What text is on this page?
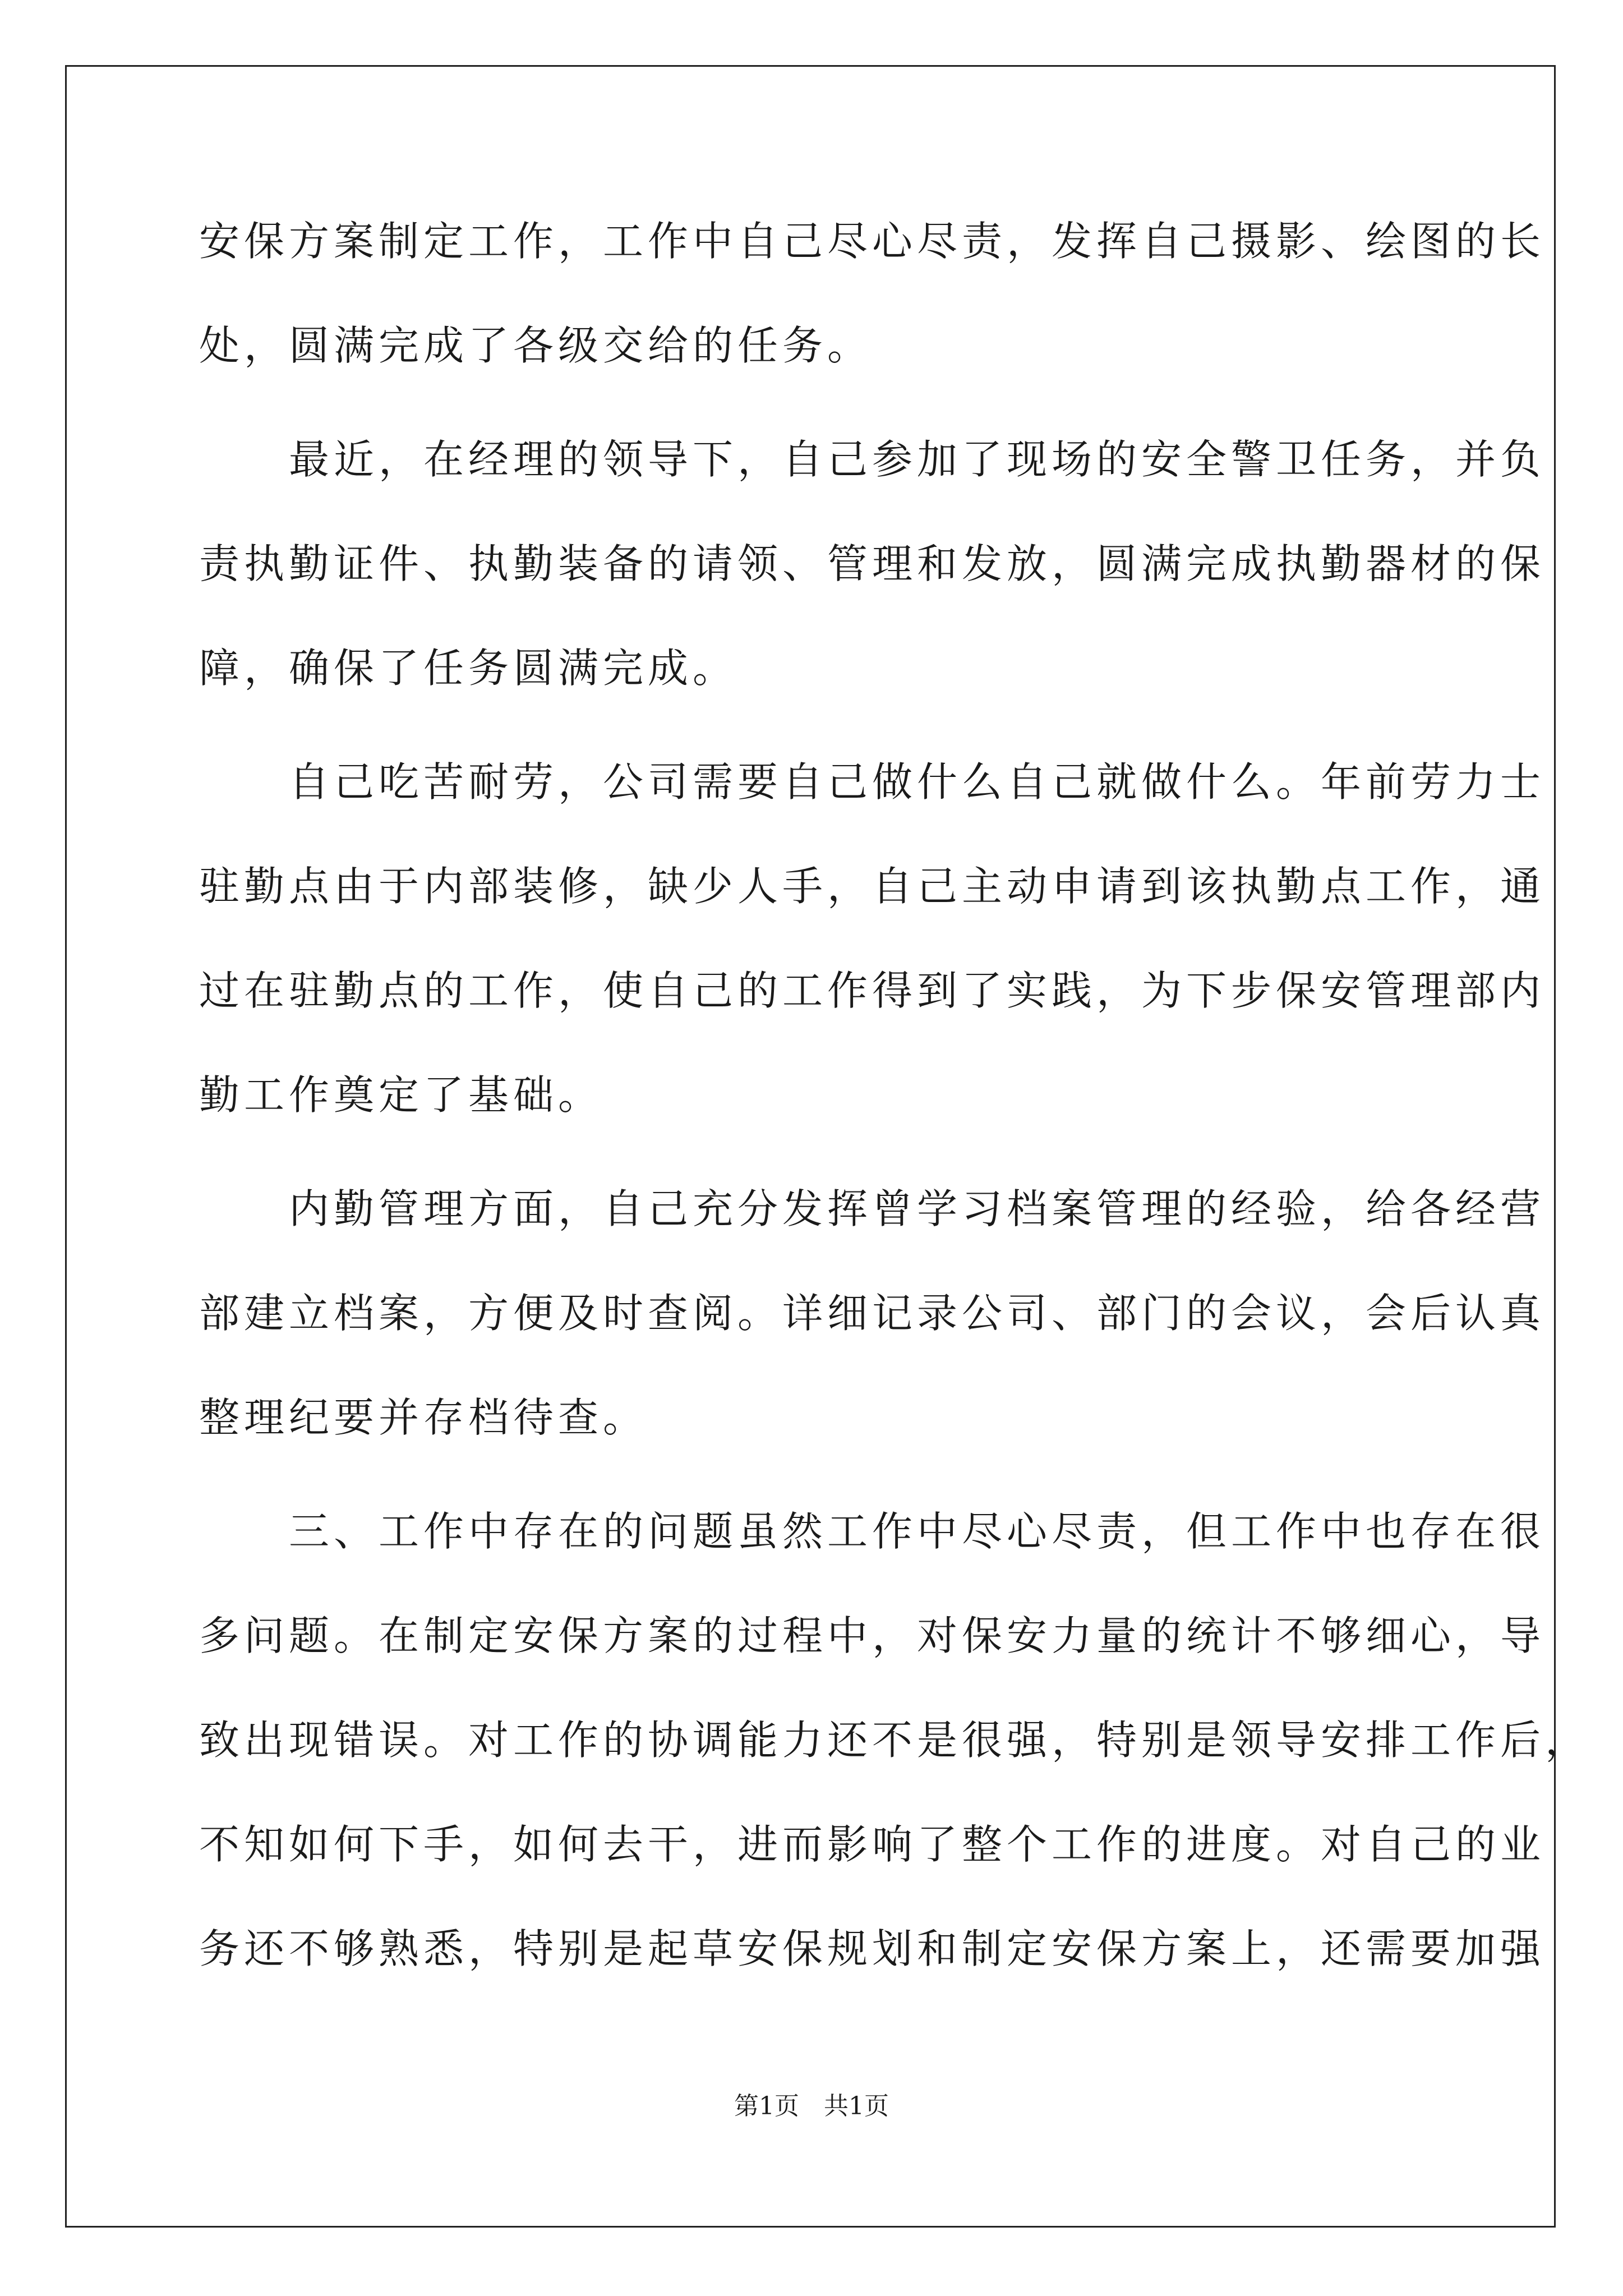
安保方案制定工作，工作中自己尽心尽责，发挥自己摄影、绘图的长
处，圆满完成了各级交给的任务。
　　最近，在经理的领导下，自己参加了现场的安全警卫任务，并负
责执勤证件、执勤装备的请领、管理和发放，圆满完成执勤器材的保
障，确保了任务圆满完成。
　　自己吃苦耐劳，公司需要自己做什么自己就做什么。年前劳力士
驻勤点由于内部装修，缺少人手，自己主动申请到该执勤点工作，通
过在驻勤点的工作，使自己的工作得到了实践，为下步保安管理部内
勤工作奠定了基础。
　　内勤管理方面，自己充分发挥曾学习档案管理的经验，给各经营
部建立档案，方便及时查阅。详细记录公司、部门的会议，会后认真
整理纪要并存档待查。
　　三、工作中存在的问题虽然工作中尽心尽责，但工作中也存在很
多问题。在制定安保方案的过程中，对保安力量的统计不够细心，导
致出现错误。对工作的协调能力还不是很强，特别是领导安排工作后，
不知如何下手，如何去干，进而影响了整个工作的进度。对自己的业
务还不够熟悉，特别是起草安保规划和制定安保方案上，还需要加强
第1页　共1页
